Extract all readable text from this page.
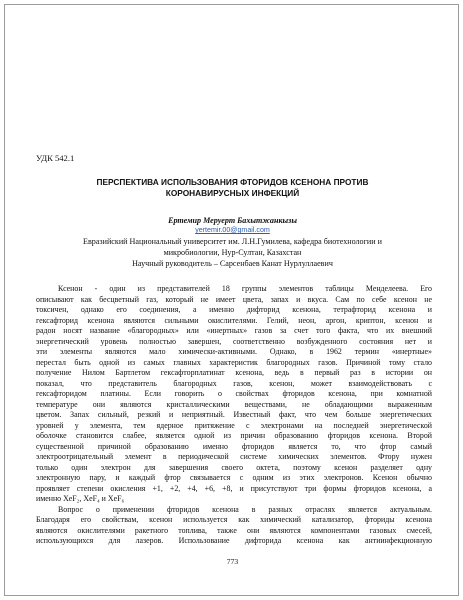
УДК 542.1
ПЕРСПЕКТИВА ИСПОЛЬЗОВАНИЯ ФТОРИДОВ КСЕНОНА ПРОТИВ
КОРОНАВИРУСНЫХ ИНФЕКЦИЙ
Ертемир Меруерт Бахытжанкызы
yertemir.00@gmail.com
Евразийский Национальный университет им. Л.Н.Гумилева, кафедра биотехнологии и
микробиологии, Нур-Султан, Казахстан
Научный руководитель – Сарсенбаев Канат Нурлуллаевич
Ксенон - один из представителей 18 группы элементов таблицы Менделеева. Его
описывают как бесцветный газ, который не имеет цвета, запах и вкуса. Сам по себе ксенон не
токсичен, однако его соединения, а именно дифторид ксенона, тетрафторид ксенона и
гексафторид ксенона являются сильными окислителями. Гелий, неон, аргон, криптон, ксенон и
радон носят название «благородных» или «инертных» газов за счет того факта, что их внешний
энергетический уровень полностью завершен, соответственно возбужденного состояния нет и
эти элементы являются мало химически-активными. Однако, в 1962 термин «инертные»
перестал быть одной из самых главных характеристик благородных газов. Причиной тому стало
получение Нилом Бартлетом гексафторплатинат ксенона, ведь в первый раз в истории он
показал, что представитель благородных газов, ксенон, может взаимодействовать с
гексафторидом платины. Если говорить о свойствах фторидов ксенона, при комнатной
температуре они являются кристаллическими веществами, не обладающими выраженным
цветом. Запах сильный, резкий и неприятный. Известный факт, что чем больше энергетических
уровней у элемента, тем ядерное притяжение с электронами на последней энергетической
оболочке становится слабее, является одной из причин образованию фторидов ксенона. Второй
существенной причиной образованию именно фторидов является то, что фтор самый
электроотрицательный элемент в периодической системе химических элементов. Фтору нужен
только один электрон для завершения своего октета, поэтому ксенон разделяет одну
электронную пару, и каждый фтор связывается с одним из этих электронов. Ксенон обычно
проявляет степени окисления +1, +2, +4, +6, +8, и присутствуют три формы фторидов ксенона, а
именно XeF₂, XeF₄ и XeF₆
Вопрос о применении фторидов ксенона в разных отраслях является актуальным.
Благодаря его свойствам, ксенон используется как химический катализатор, фториды ксенона
являются окислителями ракетного топлива, также они являются компонентами газовых смесей,
использующихся для лазеров. Использование дифторида ксенона как антиинфекционную
773
